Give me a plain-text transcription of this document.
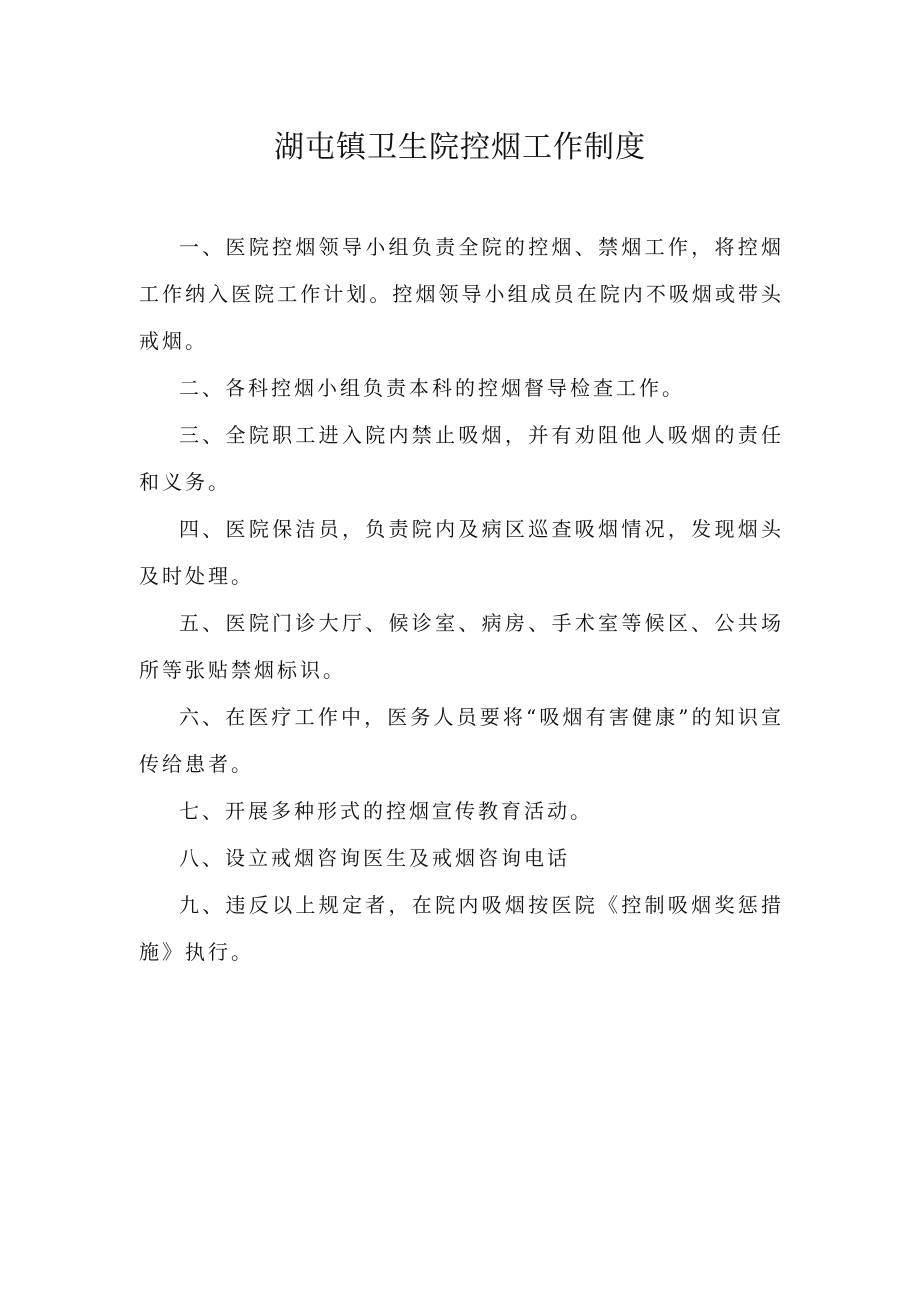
湖屯镇卫生院控烟工作制度

一、医院控烟领导小组负责全院的控烟、禁烟工作，将控烟工作纳入医院工作计划。控烟领导小组成员在院内不吸烟或带头戒烟。

二、各科控烟小组负责本科的控烟督导检查工作。

三、全院职工进入院内禁止吸烟，并有劝阻他人吸烟的责任和义务。

四、医院保洁员，负责院内及病区巡查吸烟情况，发现烟头及时处理。

五、医院门诊大厅、候诊室、病房、手术室等候区、公共场所等张贴禁烟标识。

六、在医疗工作中，医务人员要将“吸烟有害健康”的知识宣传给患者。

七、开展多种形式的控烟宣传教育活动。

八、设立戒烟咨询医生及戒烟咨询电话

九、违反以上规定者，在院内吸烟按医院《控制吸烟奖惩措施》执行。
